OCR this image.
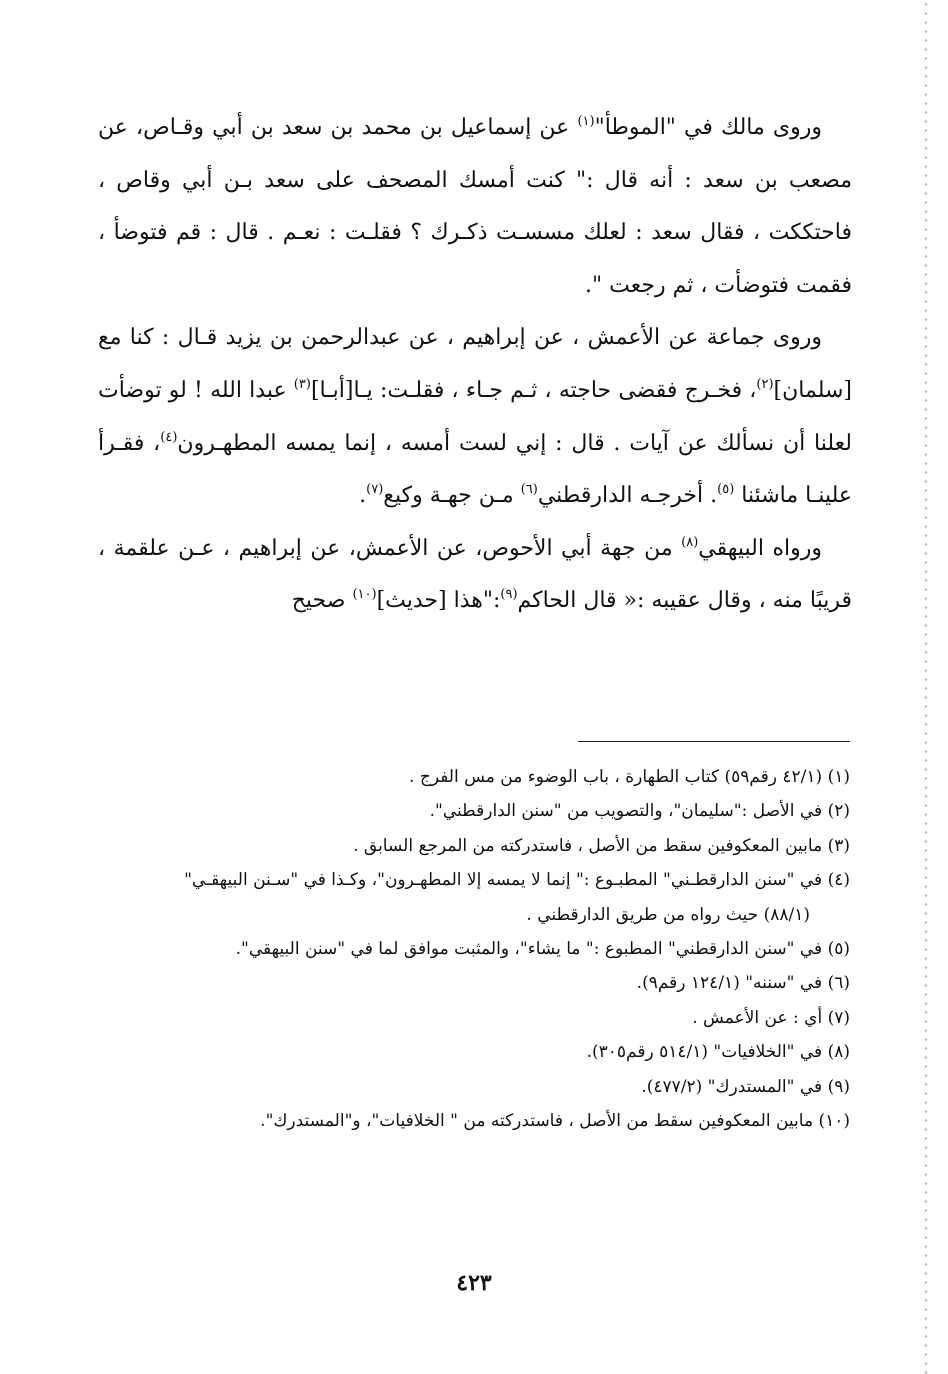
وروى مالك في "الموطأ"$^{(١)}$ عن إسماعيل بن محمد بن سعد بن أبي وقـاص، عن مصعب بن سعد : أنه قال :" كنت أمسك المصحف على سعد بـن أبي وقاص ، فاحتككت ، فقال سعد : لعلك مسسـت ذكـرك ؟ فقلـت : نعـم . قال : قم فتوضأ ، فقمت فتوضأت ، ثم رجعت ".

وروى جماعة عن الأعمش ، عن إبراهيم ، عن عبدالرحمن بن يزيد قـال : كنا مع [سلمان]$^{(٢)}$، فخـرج فقضى حاجته ، ثـم جـاء ، فقلـت: يـا[أبـا]$^{(٣)}$ عبدا الله ! لو توضأت لعلنا أن نسألك عن آيات . قال : إني لست أمسه ، إنما يمسه المطهـرون$^{(٤)}$، فقـرأ علينـا ماشئنا $^{(٥)}$. أخرجـه الدارقطني$^{(٦)}$ مـن جهـة وكيع$^{(٧)}$.

ورواه البيهقي$^{(٨)}$ من جهة أبي الأحوص، عن الأعمش، عن إبراهيم ، عـن علقمة ، قريبًا منه ، وقال عقيبه :« قال الحاكم$^{(٩)}$:"هذا [حديث]$^{(١٠)}$ صحيح

(١) (٤٢/١ رقم٥٩) كتاب الطهارة ، باب الوضوء من مس الفرج .

(٢) في الأصل :"سليمان"، والتصويب من "سنن الدارقطني".

(٣) مابين المعكوفين سقط من الأصل ، فاستدركته من المرجع السابق .

(٤) في "سنن الدارقطـني" المطبـوع :" إنما لا يمسه إلا المطهـرون"، وكـذا في "سـنن البيهقـي"

(٨٨/١) حيث رواه من طريق الدارقطني .

(٥) في "سنن الدارقطني" المطبوع :" ما يشاء"، والمثبت موافق لما في "سنن البيهقي".

(٦) في "سننه" (١٢٤/١ رقم٩).

(٧) أي : عن الأعمش .

(٨) في "الخلافيات" (٥١٤/١ رقم٣٠٥).

(٩) في "المستدرك" (٤٧٧/٢).

(١٠) مابين المعكوفين سقط من الأصل ، فاستدركته من " الخلافيات"، و"المستدرك".

٤٢٣
